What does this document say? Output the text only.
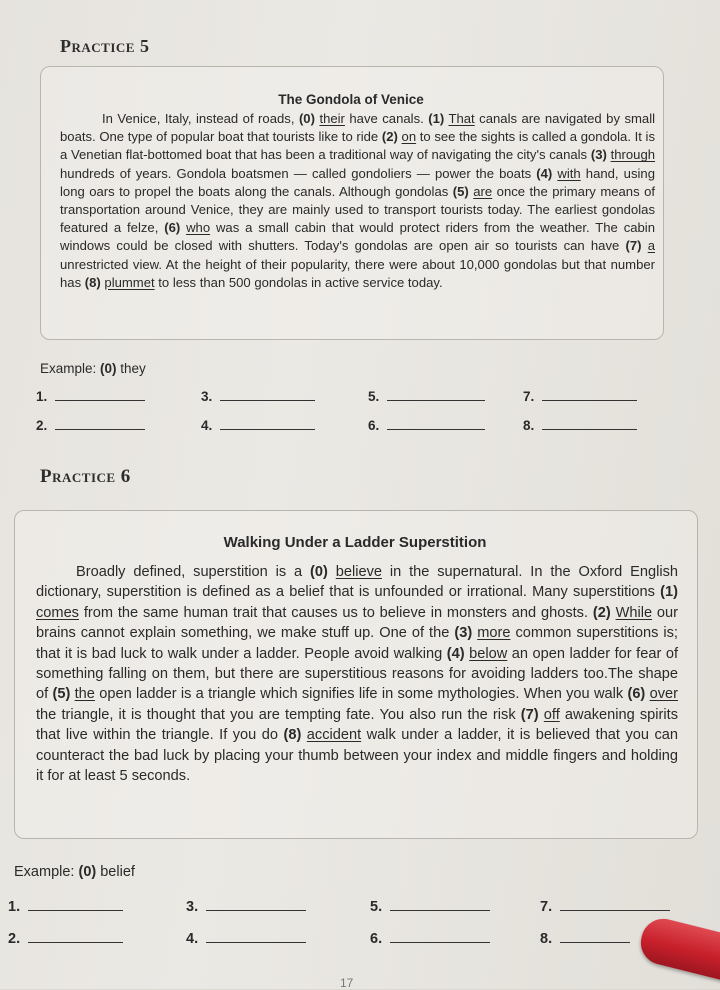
Practice 5
The Gondola of Venice

In Venice, Italy, instead of roads, (0) their have canals. (1) That canals are navigated by small boats. One type of popular boat that tourists like to ride (2) on to see the sights is called a gondola. It is a Venetian flat-bottomed boat that has been a traditional way of navigating the city's canals (3) through hundreds of years. Gondola boatsmen — called gondoliers — power the boats (4) with hand, using long oars to propel the boats along the canals. Although gondolas (5) are once the primary means of transportation around Venice, they are mainly used to transport tourists today. The earliest gondolas featured a felze, (6) who was a small cabin that would protect riders from the weather. The cabin windows could be closed with shutters. Today's gondolas are open air so tourists can have (7) a unrestricted view. At the height of their popularity, there were about 10,000 gondolas but that number has (8) plummet to less than 500 gondolas in active service today.

Example: (0) they
1.	3.	5.	7.
2.	4.	6.	8.
Practice 6
Walking Under a Ladder Superstition

Broadly defined, superstition is a (0) believe in the supernatural. In the Oxford English dictionary, superstition is defined as a belief that is unfounded or irrational. Many superstitions (1) comes from the same human trait that causes us to believe in monsters and ghosts. (2) While our brains cannot explain something, we make stuff up. One of the (3) more common superstitions is; that it is bad luck to walk under a ladder. People avoid walking (4) below an open ladder for fear of something falling on them, but there are superstitious reasons for avoiding ladders too.The shape of (5) the open ladder is a triangle which signifies life in some mythologies. When you walk (6) over the triangle, it is thought that you are tempting fate. You also run the risk (7) off awakening spirits that live within the triangle. If you do (8) accident walk under a ladder, it is believed that you can counteract the bad luck by placing your thumb between your index and middle fingers and holding it for at least 5 seconds.

Example: (0) belief
1.	3.	5.	7.
2.	4.	6.	8.
17
